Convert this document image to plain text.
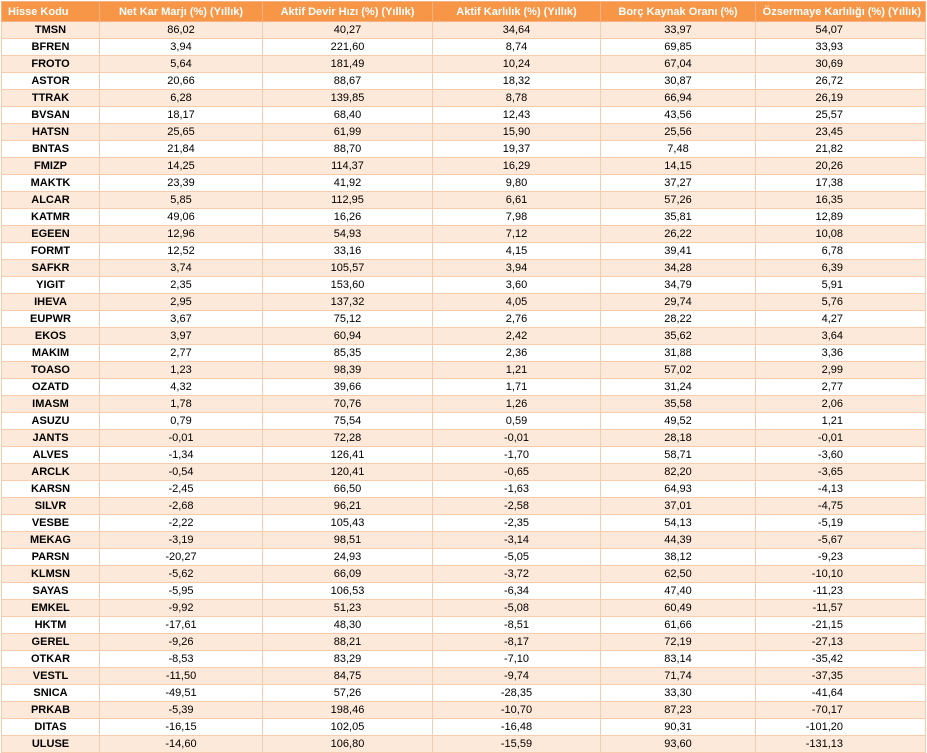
Hisse Kodu	Net Kar Marjı (%) (Yıllık)	Aktif Devir Hızı (%) (Yıllık)	Aktif Karlılık (%) (Yıllık)	Borç Kaynak Oranı (%)	Özsermaye Karlılığı (%) (Yıllık)
TMSN	86,02	40,27	34,64	33,97	54,07
BFREN	3,94	221,60	8,74	69,85	33,93
FROTO	5,64	181,49	10,24	67,04	30,69
ASTOR	20,66	88,67	18,32	30,87	26,72
TTRAK	6,28	139,85	8,78	66,94	26,19
BVSAN	18,17	68,40	12,43	43,56	25,57
HATSN	25,65	61,99	15,90	25,56	23,45
BNTAS	21,84	88,70	19,37	7,48	21,82
FMIZP	14,25	114,37	16,29	14,15	20,26
MAKTK	23,39	41,92	9,80	37,27	17,38
ALCAR	5,85	112,95	6,61	57,26	16,35
KATMR	49,06	16,26	7,98	35,81	12,89
EGEEN	12,96	54,93	7,12	26,22	10,08
FORMT	12,52	33,16	4,15	39,41	6,78
SAFKR	3,74	105,57	3,94	34,28	6,39
YIGIT	2,35	153,60	3,60	34,79	5,91
IHEVA	2,95	137,32	4,05	29,74	5,76
EUPWR	3,67	75,12	2,76	28,22	4,27
EKOS	3,97	60,94	2,42	35,62	3,64
MAKIM	2,77	85,35	2,36	31,88	3,36
TOASO	1,23	98,39	1,21	57,02	2,99
OZATD	4,32	39,66	1,71	31,24	2,77
IMASM	1,78	70,76	1,26	35,58	2,06
ASUZU	0,79	75,54	0,59	49,52	1,21
JANTS	-0,01	72,28	-0,01	28,18	-0,01
ALVES	-1,34	126,41	-1,70	58,71	-3,60
ARCLK	-0,54	120,41	-0,65	82,20	-3,65
KARSN	-2,45	66,50	-1,63	64,93	-4,13
SILVR	-2,68	96,21	-2,58	37,01	-4,75
VESBE	-2,22	105,43	-2,35	54,13	-5,19
MEKAG	-3,19	98,51	-3,14	44,39	-5,67
PARSN	-20,27	24,93	-5,05	38,12	-9,23
KLMSN	-5,62	66,09	-3,72	62,50	-10,10
SAYAS	-5,95	106,53	-6,34	47,40	-11,23
EMKEL	-9,92	51,23	-5,08	60,49	-11,57
HKTM	-17,61	48,30	-8,51	61,66	-21,15
GEREL	-9,26	88,21	-8,17	72,19	-27,13
OTKAR	-8,53	83,29	-7,10	83,14	-35,42
VESTL	-11,50	84,75	-9,74	71,74	-37,35
SNICA	-49,51	57,26	-28,35	33,30	-41,64
PRKAB	-5,39	198,46	-10,70	87,23	-70,17
DITAS	-16,15	102,05	-16,48	90,31	-101,20
ULUSE	-14,60	106,80	-15,59	93,60	-131,13
